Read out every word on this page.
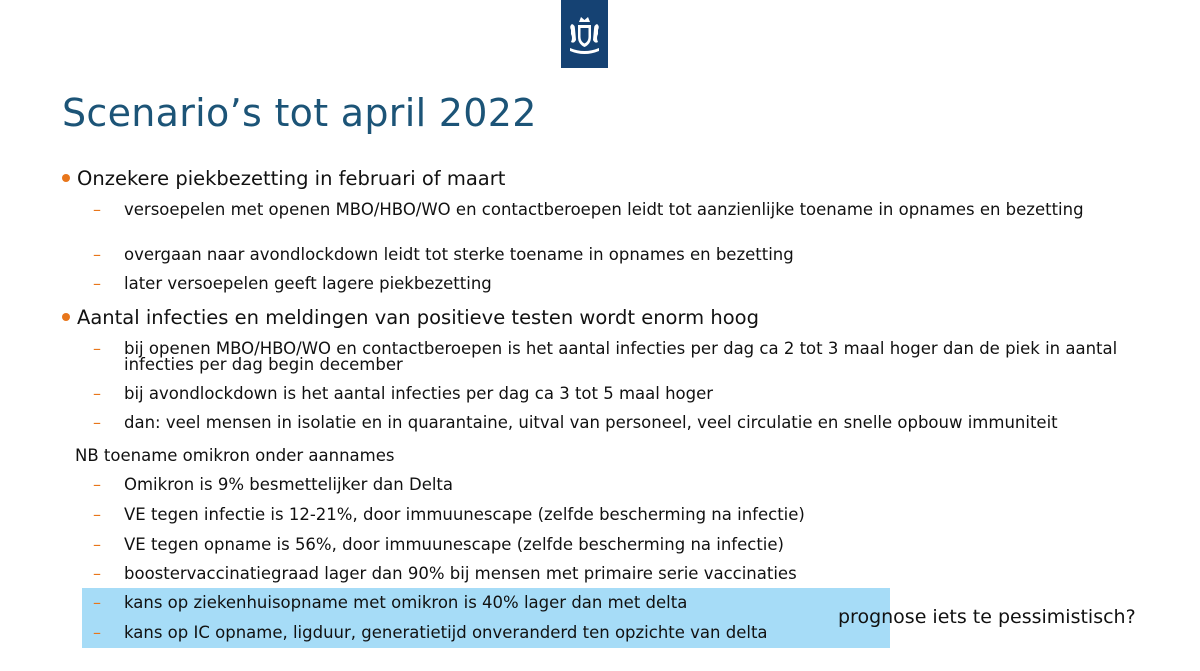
Scenario’s tot april 2022
Onzekere piekbezetting in februari of maart
– versoepelen met openen MBO/HBO/WO en contactberoepen leidt tot aanzienlijke toename in opnames en bezetting
– overgaan naar avondlockdown leidt tot sterke toename in opnames en bezetting
– later versoepelen geeft lagere piekbezetting
Aantal infecties en meldingen van positieve testen wordt enorm hoog
– bij openen MBO/HBO/WO en contactberoepen is het aantal infecties per dag ca 2 tot 3 maal hoger dan de piek in aantal infecties per dag begin december
– bij avondlockdown is het aantal infecties per dag ca 3 tot 5 maal hoger
– dan: veel mensen in isolatie en in quarantaine, uitval van personeel, veel circulatie en snelle opbouw immuniteit
NB toename omikron onder aannames
– Omikron is 9% besmettelijker dan Delta
– VE tegen infectie is 12-21%, door immuunescape (zelfde bescherming na infectie)
– VE tegen opname is 56%, door immuunescape (zelfde bescherming na infectie)
– boostervaccinatiegraad lager dan 90% bij mensen met primaire serie vaccinaties
– kans op ziekenhuisopname met omikron is 40% lager dan met delta
– kans op IC opname, ligduur, generatietijd onveranderd ten opzichte van delta
prognose iets te pessimistisch?
